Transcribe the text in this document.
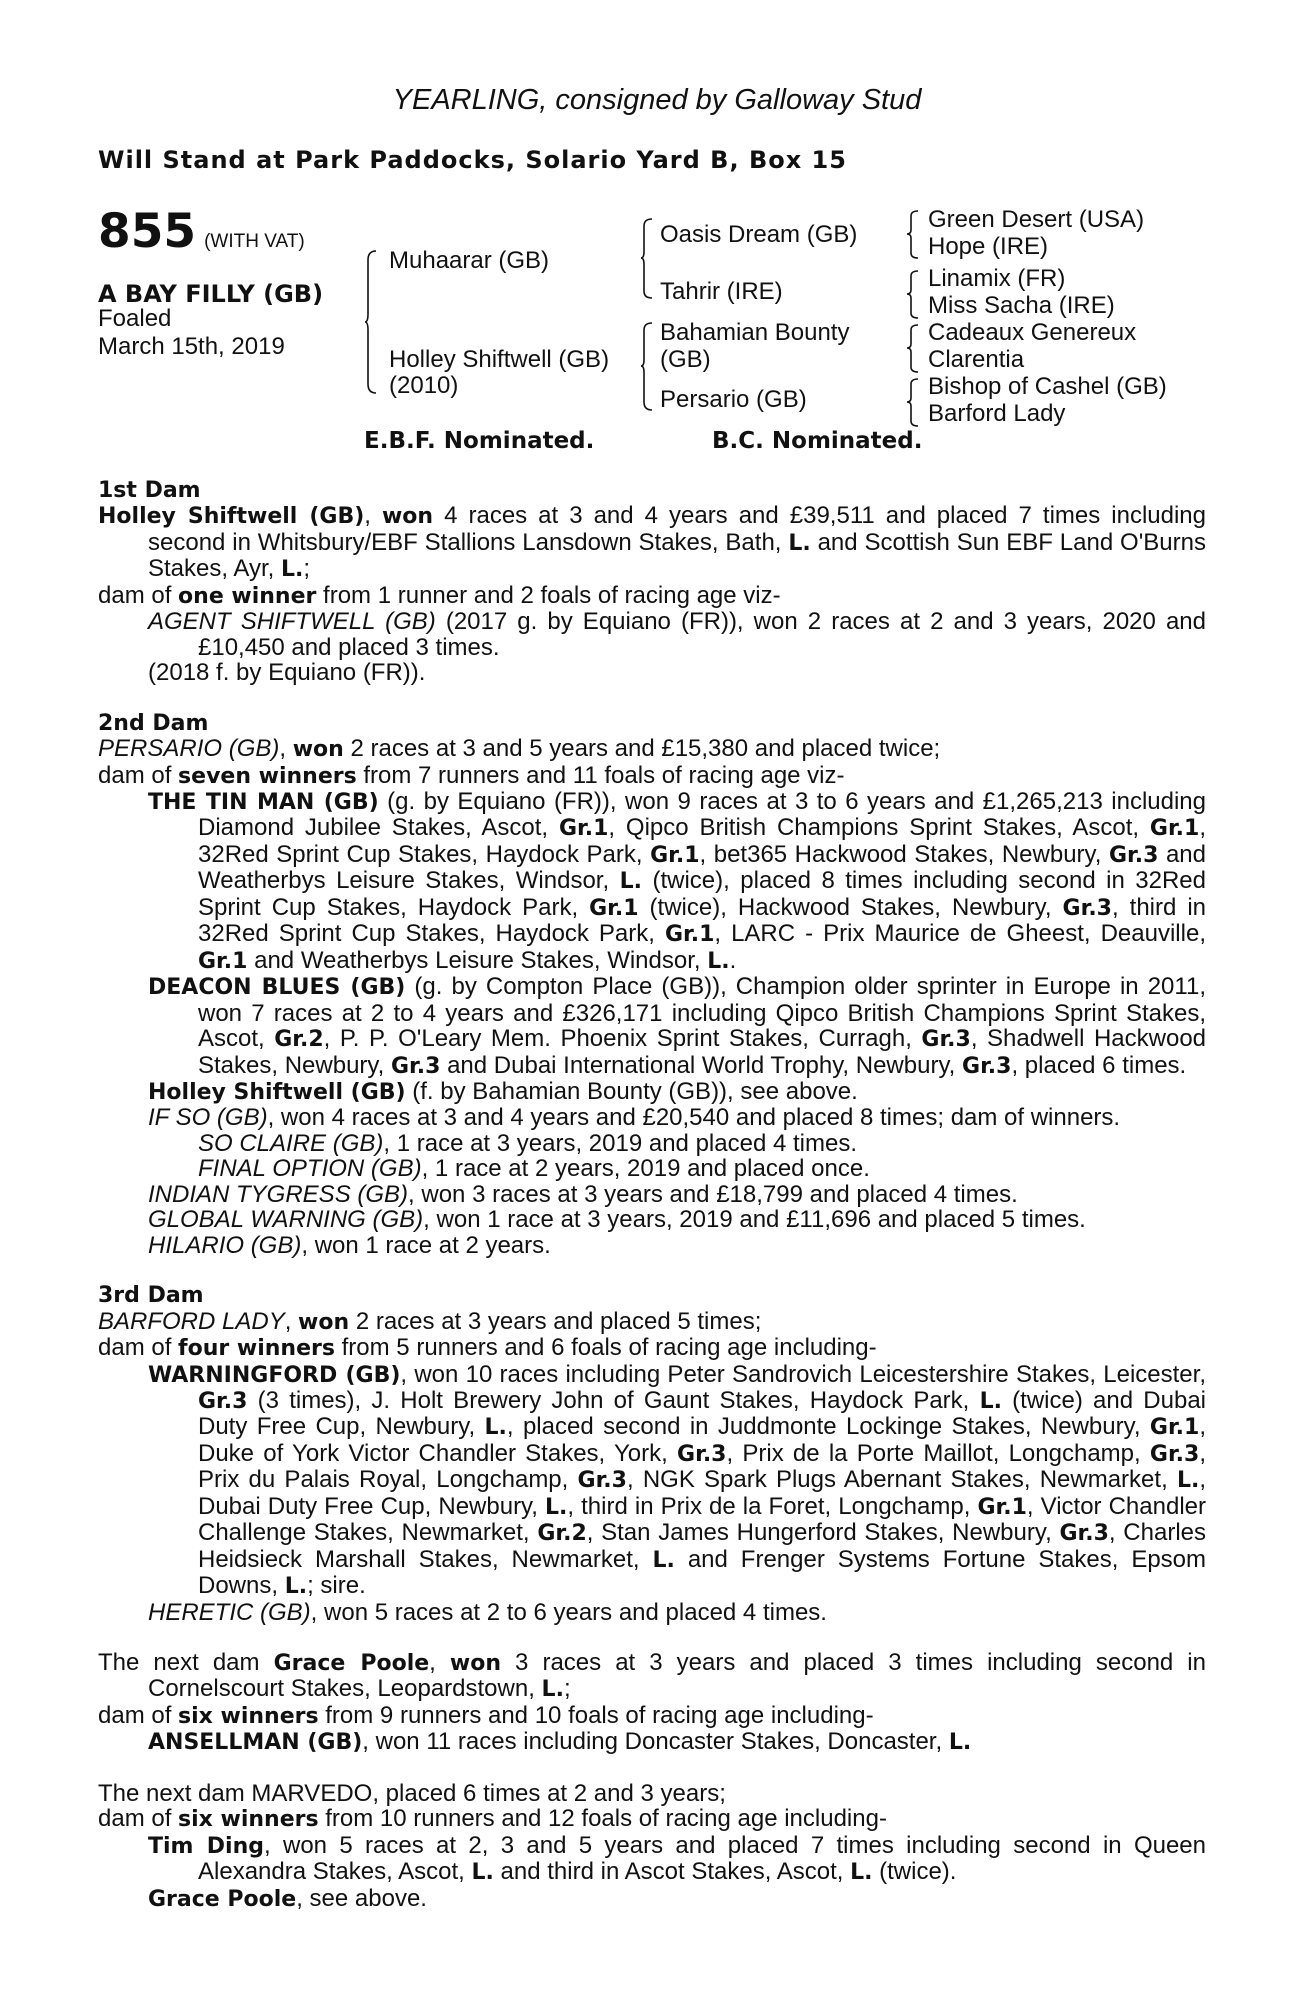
YEARLING, consigned by Galloway Stud
Will Stand at Park Paddocks, Solario Yard B, Box 15
855 (WITH VAT)
A BAY FILLY (GB)
Foaled
March 15th, 2019
Muhaarar (GB)
Holley Shiftwell (GB)
(2010)
Oasis Dream (GB)
Tahrir (IRE)
Bahamian Bounty
(GB)
Persario (GB)
Green Desert (USA)
Hope (IRE)
Linamix (FR)
Miss Sacha (IRE)
Cadeaux Genereux
Clarentia
Bishop of Cashel (GB)
Barford Lady
E.B.F. Nominated.	B.C. Nominated.

1st Dam

Holley Shiftwell (GB), won 4 races at 3 and 4 years and £39,511 and placed 7 times including second in Whitsbury/EBF Stallions Lansdown Stakes, Bath, L. and Scottish Sun EBF Land O'Burns Stakes, Ayr, L.;

dam of one winner from 1 runner and 2 foals of racing age viz-

AGENT SHIFTWELL (GB) (2017 g. by Equiano (FR)), won 2 races at 2 and 3 years, 2020 and £10,450 and placed 3 times.

(2018 f. by Equiano (FR)).

2nd Dam

PERSARIO (GB), won 2 races at 3 and 5 years and £15,380 and placed twice;

dam of seven winners from 7 runners and 11 foals of racing age viz-

THE TIN MAN (GB) (g. by Equiano (FR)), won 9 races at 3 to 6 years and £1,265,213 including Diamond Jubilee Stakes, Ascot, Gr.1, Qipco British Champions Sprint Stakes, Ascot, Gr.1, 32Red Sprint Cup Stakes, Haydock Park, Gr.1, bet365 Hackwood Stakes, Newbury, Gr.3 and Weatherbys Leisure Stakes, Windsor, L. (twice), placed 8 times including second in 32Red Sprint Cup Stakes, Haydock Park, Gr.1 (twice), Hackwood Stakes, Newbury, Gr.3, third in 32Red Sprint Cup Stakes, Haydock Park, Gr.1, LARC - Prix Maurice de Gheest, Deauville, Gr.1 and Weatherbys Leisure Stakes, Windsor, L..

DEACON BLUES (GB) (g. by Compton Place (GB)), Champion older sprinter in Europe in 2011, won 7 races at 2 to 4 years and £326,171 including Qipco British Champions Sprint Stakes, Ascot, Gr.2, P. P. O'Leary Mem. Phoenix Sprint Stakes, Curragh, Gr.3, Shadwell Hackwood Stakes, Newbury, Gr.3 and Dubai International World Trophy, Newbury, Gr.3, placed 6 times.

Holley Shiftwell (GB) (f. by Bahamian Bounty (GB)), see above.

IF SO (GB), won 4 races at 3 and 4 years and £20,540 and placed 8 times; dam of winners.

SO CLAIRE (GB), 1 race at 3 years, 2019 and placed 4 times.

FINAL OPTION (GB), 1 race at 2 years, 2019 and placed once.

INDIAN TYGRESS (GB), won 3 races at 3 years and £18,799 and placed 4 times.

GLOBAL WARNING (GB), won 1 race at 3 years, 2019 and £11,696 and placed 5 times.

HILARIO (GB), won 1 race at 2 years.

3rd Dam

BARFORD LADY, won 2 races at 3 years and placed 5 times;

dam of four winners from 5 runners and 6 foals of racing age including-

WARNINGFORD (GB), won 10 races including Peter Sandrovich Leicestershire Stakes, Leicester, Gr.3 (3 times), J. Holt Brewery John of Gaunt Stakes, Haydock Park, L. (twice) and Dubai Duty Free Cup, Newbury, L., placed second in Juddmonte Lockinge Stakes, Newbury, Gr.1, Duke of York Victor Chandler Stakes, York, Gr.3, Prix de la Porte Maillot, Longchamp, Gr.3, Prix du Palais Royal, Longchamp, Gr.3, NGK Spark Plugs Abernant Stakes, Newmarket, L., Dubai Duty Free Cup, Newbury, L., third in Prix de la Foret, Longchamp, Gr.1, Victor Chandler Challenge Stakes, Newmarket, Gr.2, Stan James Hungerford Stakes, Newbury, Gr.3, Charles Heidsieck Marshall Stakes, Newmarket, L. and Frenger Systems Fortune Stakes, Epsom Downs, L.; sire.

HERETIC (GB), won 5 races at 2 to 6 years and placed 4 times.

The next dam Grace Poole, won 3 races at 3 years and placed 3 times including second in Cornelscourt Stakes, Leopardstown, L.;

dam of six winners from 9 runners and 10 foals of racing age including-

ANSELLMAN (GB), won 11 races including Doncaster Stakes, Doncaster, L.

The next dam MARVEDO, placed 6 times at 2 and 3 years;

dam of six winners from 10 runners and 12 foals of racing age including-

Tim Ding, won 5 races at 2, 3 and 5 years and placed 7 times including second in Queen Alexandra Stakes, Ascot, L. and third in Ascot Stakes, Ascot, L. (twice).

Grace Poole, see above.
